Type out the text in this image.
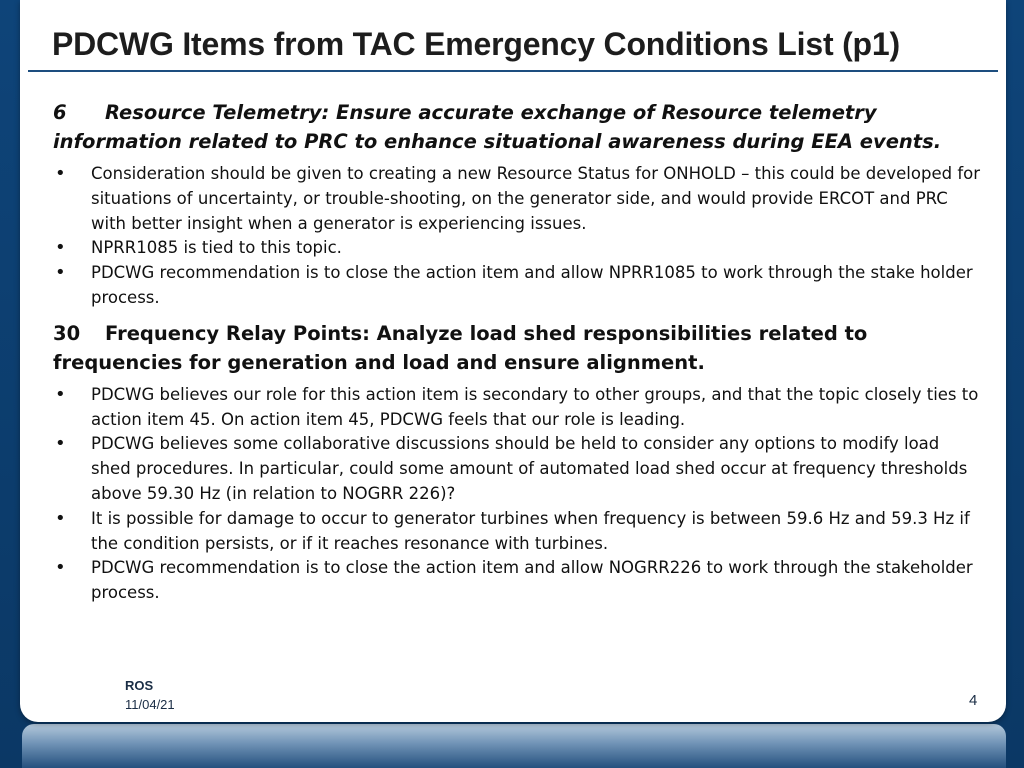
PDCWG Items from TAC Emergency Conditions List (p1)

6 Resource Telemetry: Ensure accurate exchange of Resource telemetry information related to PRC to enhance situational awareness during EEA events.

• Consideration should be given to creating a new Resource Status for ONHOLD – this could be developed for situations of uncertainty, or trouble-shooting, on the generator side, and would provide ERCOT and PRC with better insight when a generator is experiencing issues.
• NPRR1085 is tied to this topic.
• PDCWG recommendation is to close the action item and allow NPRR1085 to work through the stake holder process.

30 Frequency Relay Points: Analyze load shed responsibilities related to frequencies for generation and load and ensure alignment.

• PDCWG believes our role for this action item is secondary to other groups, and that the topic closely ties to action item 45. On action item 45, PDCWG feels that our role is leading.
• PDCWG believes some collaborative discussions should be held to consider any options to modify load shed procedures. In particular, could some amount of automated load shed occur at frequency thresholds above 59.30 Hz (in relation to NOGRR 226)?
• It is possible for damage to occur to generator turbines when frequency is between 59.6 Hz and 59.3 Hz if the condition persists, or if it reaches resonance with turbines.
• PDCWG recommendation is to close the action item and allow NOGRR226 to work through the stakeholder process.
ROS
11/04/21	4
